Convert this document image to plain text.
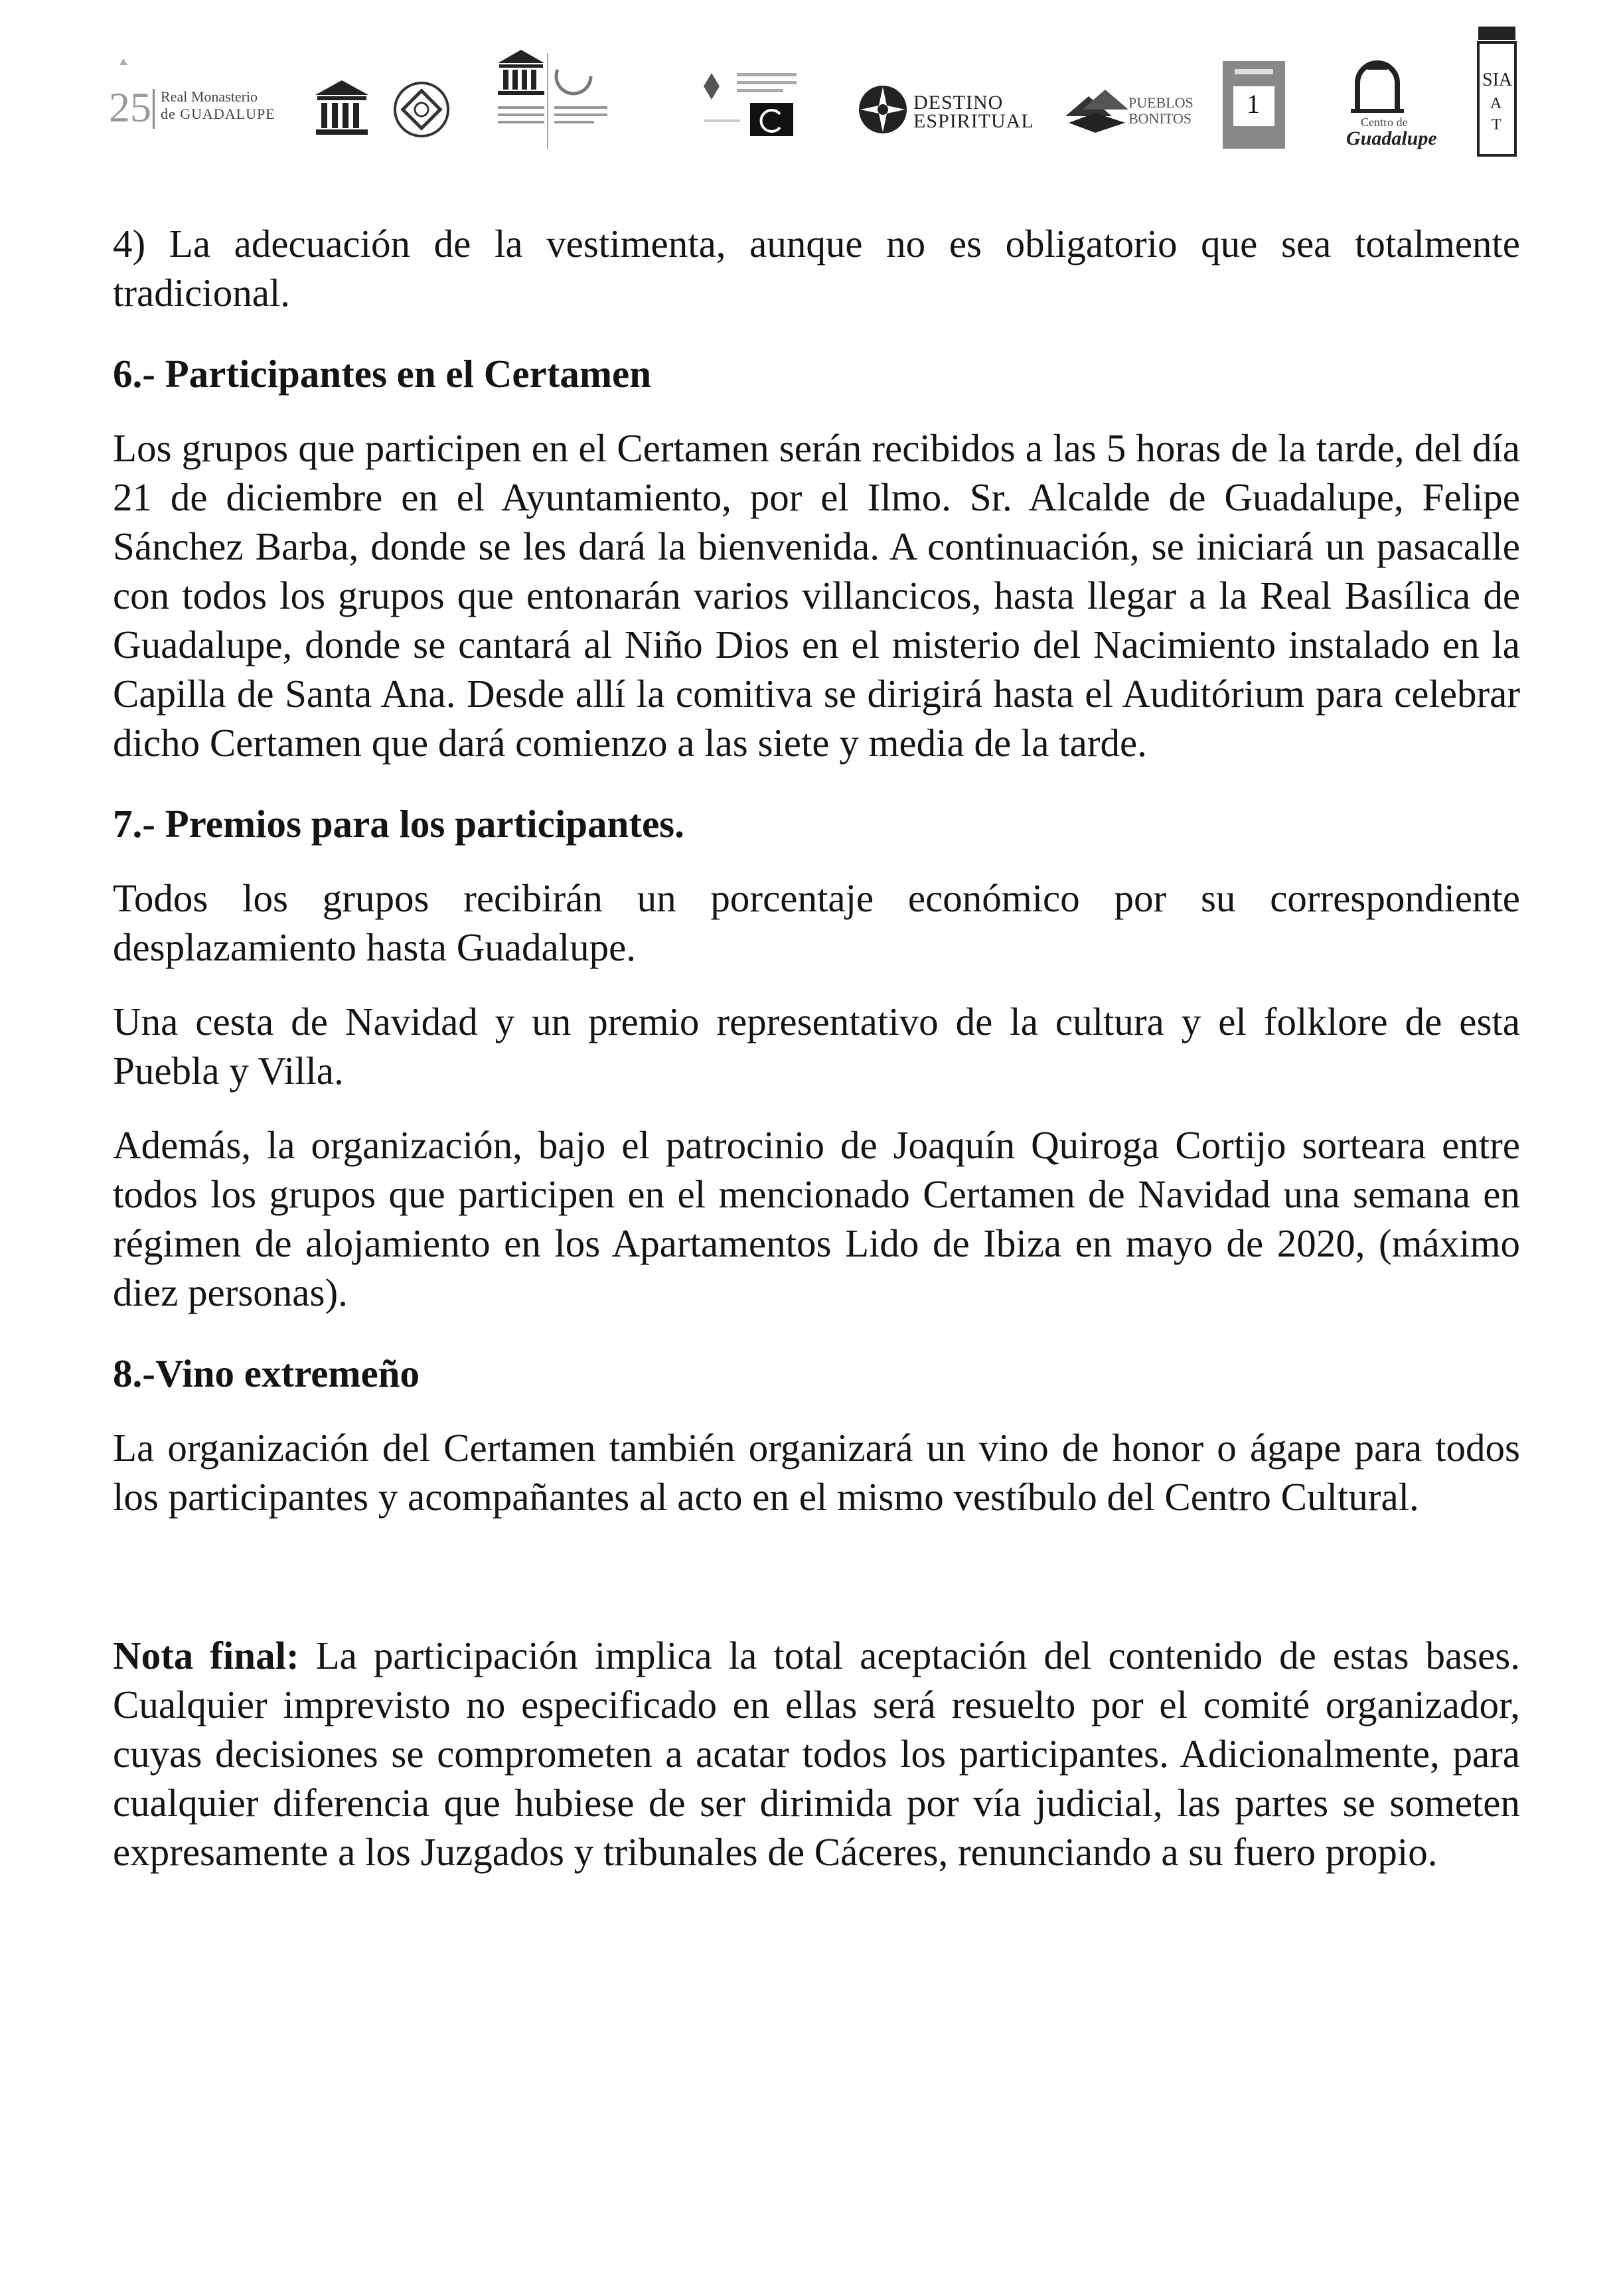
25 Real Monasterio
de GUADALUPE
DESTINO
ESPIRITUAL
PUEBLOS
BONITOS 1
Centro de
Guadalupe
SIA
A
T

4) La adecuación de la vestimenta, aunque no es obligatorio que sea totalmente tradicional.

6.- Participantes en el Certamen

Los grupos que participen en el Certamen serán recibidos a las 5 horas de la tarde, del día 21 de diciembre en el Ayuntamiento, por el Ilmo. Sr. Alcalde de Guadalupe, Felipe Sánchez Barba, donde se les dará la bienvenida. A continuación, se iniciará un pasacalle con todos los grupos que entonarán varios villancicos, hasta llegar a la Real Basílica de Guadalupe, donde se cantará al Niño Dios en el misterio del Nacimiento instalado en la Capilla de Santa Ana. Desde allí la comitiva se dirigirá hasta el Auditórium para celebrar dicho Certamen que dará comienzo a las siete y media de la tarde.

7.- Premios para los participantes.

Todos los grupos recibirán un porcentaje económico por su correspondiente desplazamiento hasta Guadalupe.

Una cesta de Navidad y un premio representativo de la cultura y el folklore de esta Puebla y Villa.

Además, la organización, bajo el patrocinio de Joaquín Quiroga Cortijo sorteara entre todos los grupos que participen en el mencionado Certamen de Navidad una semana en régimen de alojamiento en los Apartamentos Lido de Ibiza en mayo de 2020, (máximo diez personas).

8.-Vino extremeño

La organización del Certamen también organizará un vino de honor o ágape para todos los participantes y acompañantes al acto en el mismo vestíbulo del Centro Cultural.

Nota final: La participación implica la total aceptación del contenido de estas bases. Cualquier imprevisto no especificado en ellas será resuelto por el comité organizador, cuyas decisiones se comprometen a acatar todos los participantes. Adicionalmente, para cualquier diferencia que hubiese de ser dirimida por vía judicial, las partes se someten expresamente a los Juzgados y tribunales de Cáceres, renunciando a su fuero propio.
